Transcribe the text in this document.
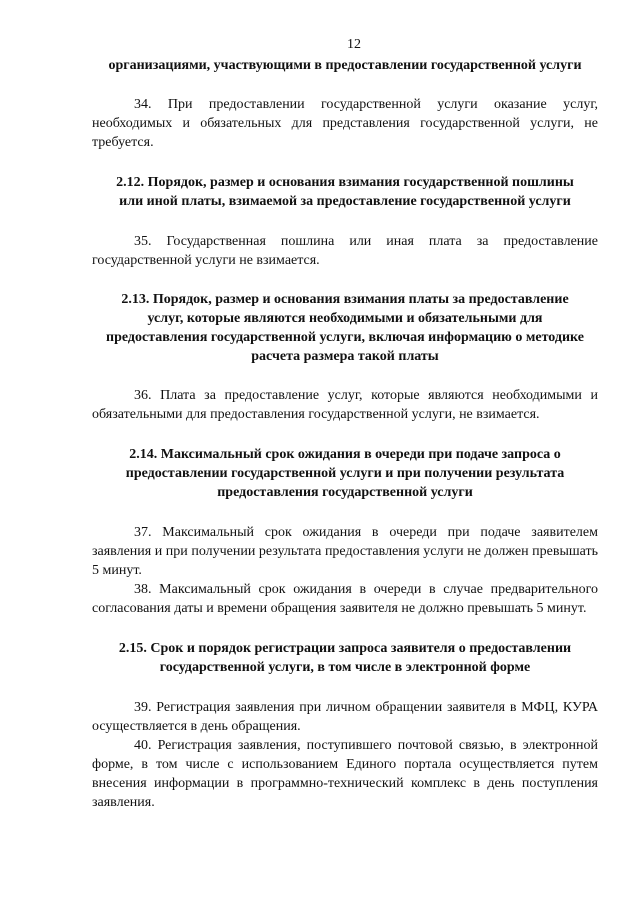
12

организациями, участвующими в предоставлении государственной услуги

34. При предоставлении государственной услуги оказание услуг, необходимых и обязательных для представления государственной услуги, не требуется.

2.12. Порядок, размер и основания взимания государственной пошлины или иной платы, взимаемой за предоставление государственной услуги

35. Государственная пошлина или иная плата за предоставление государственной услуги не взимается.

2.13. Порядок, размер и основания взимания платы за предоставление услуг, которые являются необходимыми и обязательными для предоставления государственной услуги, включая информацию о методике расчета размера такой платы

36. Плата за предоставление услуг, которые являются необходимыми и обязательными для предоставления государственной услуги, не взимается.

2.14. Максимальный срок ожидания в очереди при подаче запроса о предоставлении государственной услуги и при получении результата предоставления государственной услуги

37. Максимальный срок ожидания в очереди при подаче заявителем заявления и при получении результата предоставления услуги не должен превышать 5 минут.

38. Максимальный срок ожидания в очереди в случае предварительного согласования даты и времени обращения заявителя не должно превышать 5 минут.

2.15. Срок и порядок регистрации запроса заявителя о предоставлении государственной услуги, в том числе в электронной форме

39. Регистрация заявления при личном обращении заявителя в МФЦ, КУРА осуществляется в день обращения.

40. Регистрация заявления, поступившего почтовой связью, в электронной форме, в том числе с использованием Единого портала осуществляется путем внесения информации в программно-технический комплекс в день поступления заявления.
